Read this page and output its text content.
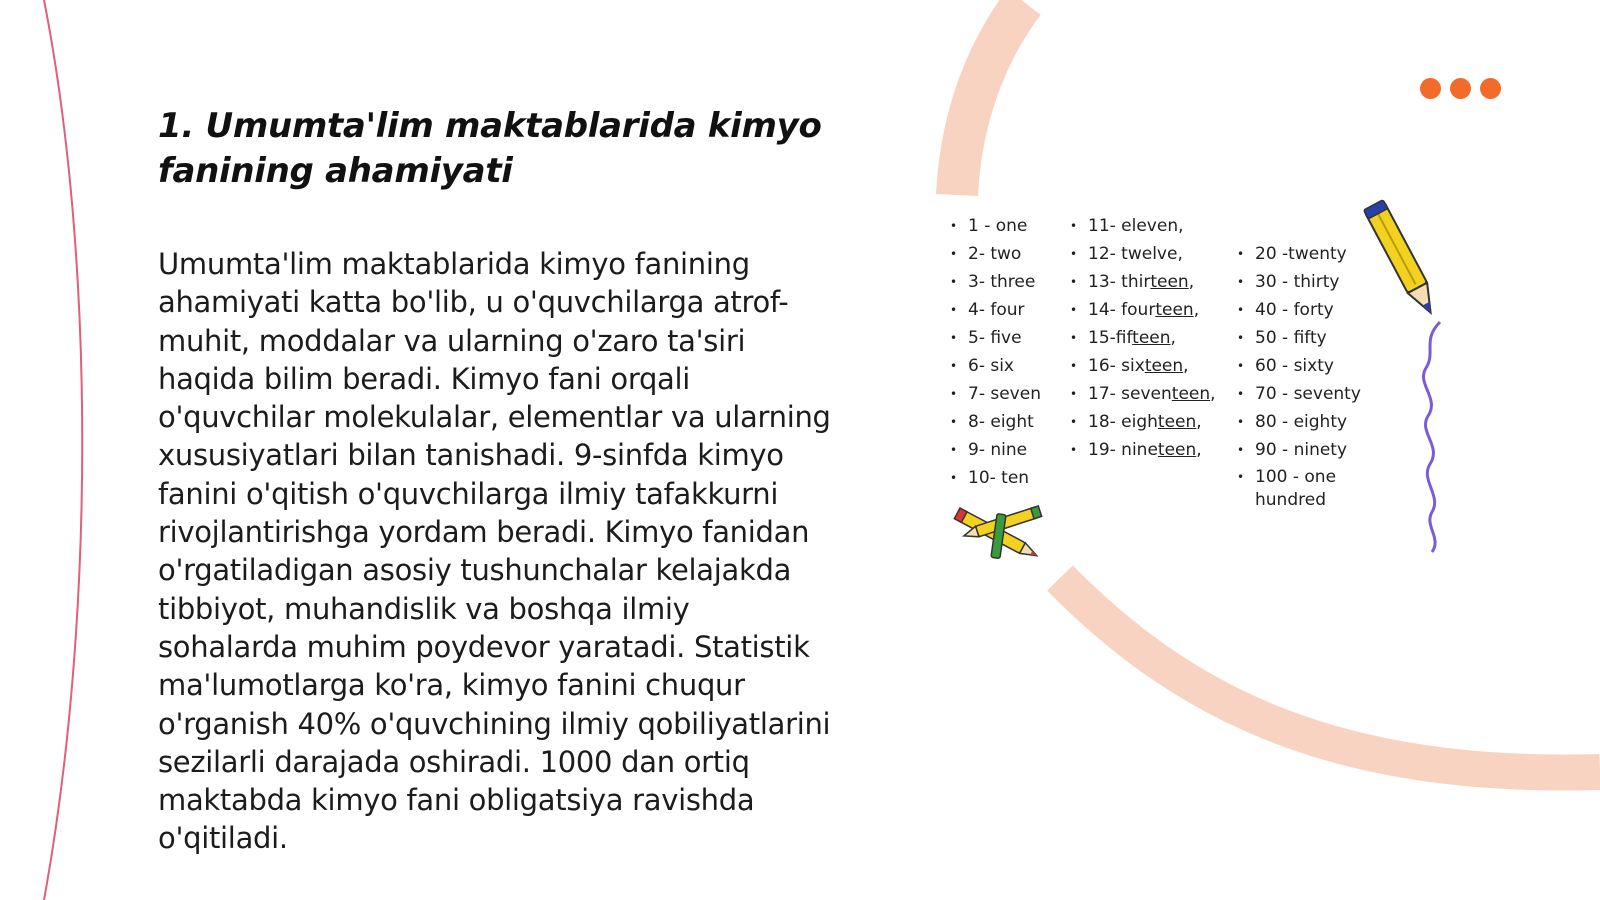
1. Umumta'lim maktablarida kimyo fanining ahamiyati

Umumta'lim maktablarida kimyo fanining ahamiyati katta bo'lib, u o'quvchilarga atrof-muhit, moddalar va ularning o'zaro ta'siri haqida bilim beradi. Kimyo fani orqali o'quvchilar molekulalar, elementlar va ularning xususiyatlari bilan tanishadi. 9-sinfda kimyo fanini o'qitish o'quvchilarga ilmiy tafakkurni rivojlantirishga yordam beradi. Kimyo fanidan o'rgatiladigan asosiy tushunchalar kelajakda tibbiyot, muhandislik va boshqa ilmiy sohalarda muhim poydevor yaratadi. Statistik ma'lumotlarga ko'ra, kimyo fanini chuqur o'rganish 40% o'quvchining ilmiy qobiliyatlarini sezilarli darajada oshiradi. 1000 dan ortiq maktabda kimyo fani obligatsiya ravishda o'qitiladi.

• 1 - one
• 2- two
• 3- three
• 4- four
• 5- five
• 6- six
• 7- seven
• 8- eight
• 9- nine
• 10- ten
• 11- eleven,
• 12- twelve,
• 13- thirteen,
• 14- fourteen,
• 15-fifteen,
• 16- sixteen,
• 17- seventeen,
• 18- eighteen,
• 19- nineteen,
• 20 -twenty
• 30 - thirty
• 40 - forty
• 50 - fifty
• 60 - sixty
• 70 - seventy
• 80 - eighty
• 90 - ninety
• 100 - one hundred
